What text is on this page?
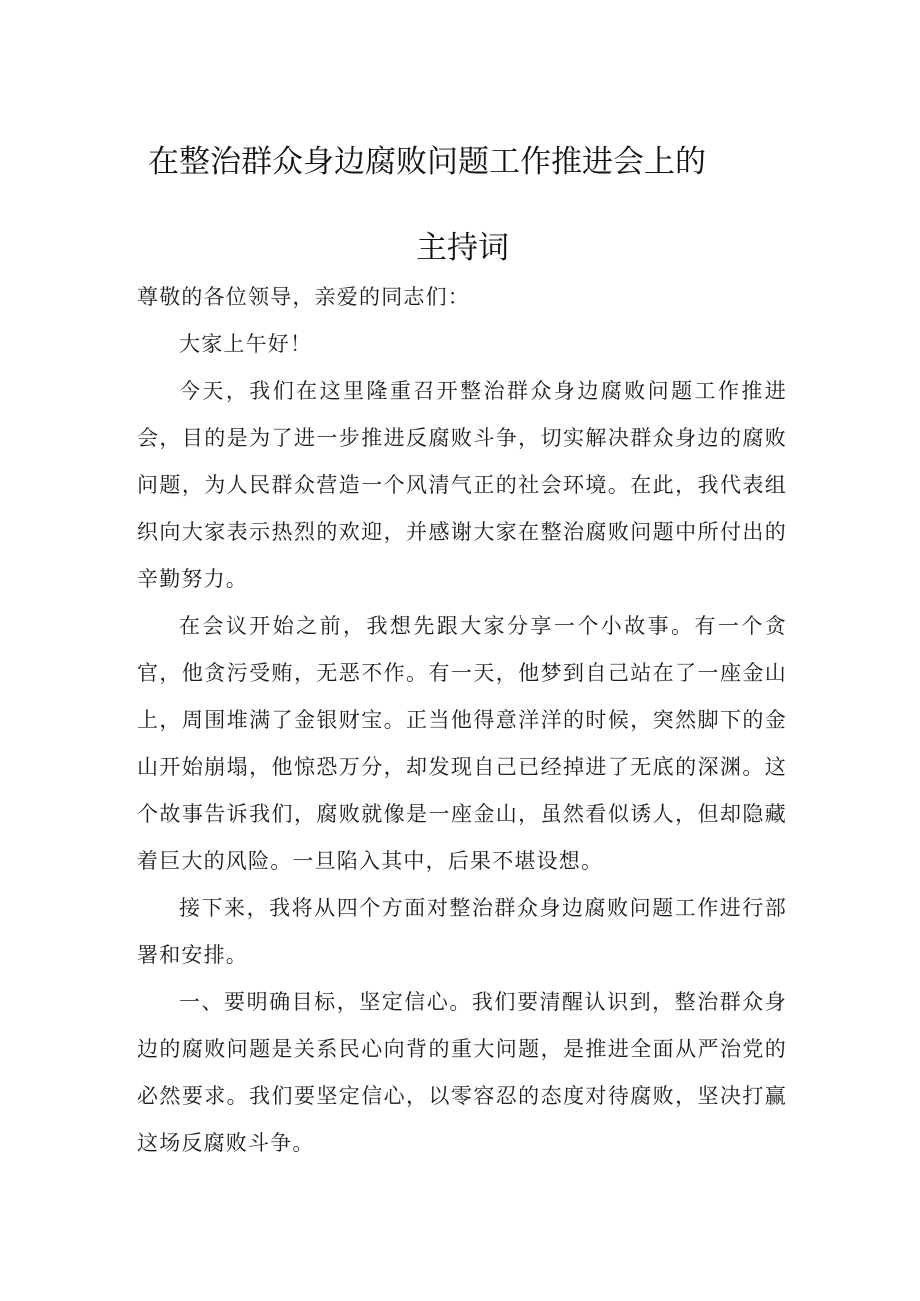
在整治群众身边腐败问题工作推进会上的
主持词

尊敬的各位领导，亲爱的同志们：

大家上午好！

今天，我们在这里隆重召开整治群众身边腐败问题工作推进会，目的是为了进一步推进反腐败斗争，切实解决群众身边的腐败问题，为人民群众营造一个风清气正的社会环境。在此，我代表组织向大家表示热烈的欢迎，并感谢大家在整治腐败问题中所付出的辛勤努力。

在会议开始之前，我想先跟大家分享一个小故事。有一个贪官，他贪污受贿，无恶不作。有一天，他梦到自己站在了一座金山上，周围堆满了金银财宝。正当他得意洋洋的时候，突然脚下的金山开始崩塌，他惊恐万分，却发现自己已经掉进了无底的深渊。这个故事告诉我们，腐败就像是一座金山，虽然看似诱人，但却隐藏着巨大的风险。一旦陷入其中，后果不堪设想。

接下来，我将从四个方面对整治群众身边腐败问题工作进行部署和安排。

一、要明确目标，坚定信心。我们要清醒认识到，整治群众身边的腐败问题是关系民心向背的重大问题，是推进全面从严治党的必然要求。我们要坚定信心，以零容忍的态度对待腐败，坚决打赢这场反腐败斗争。
